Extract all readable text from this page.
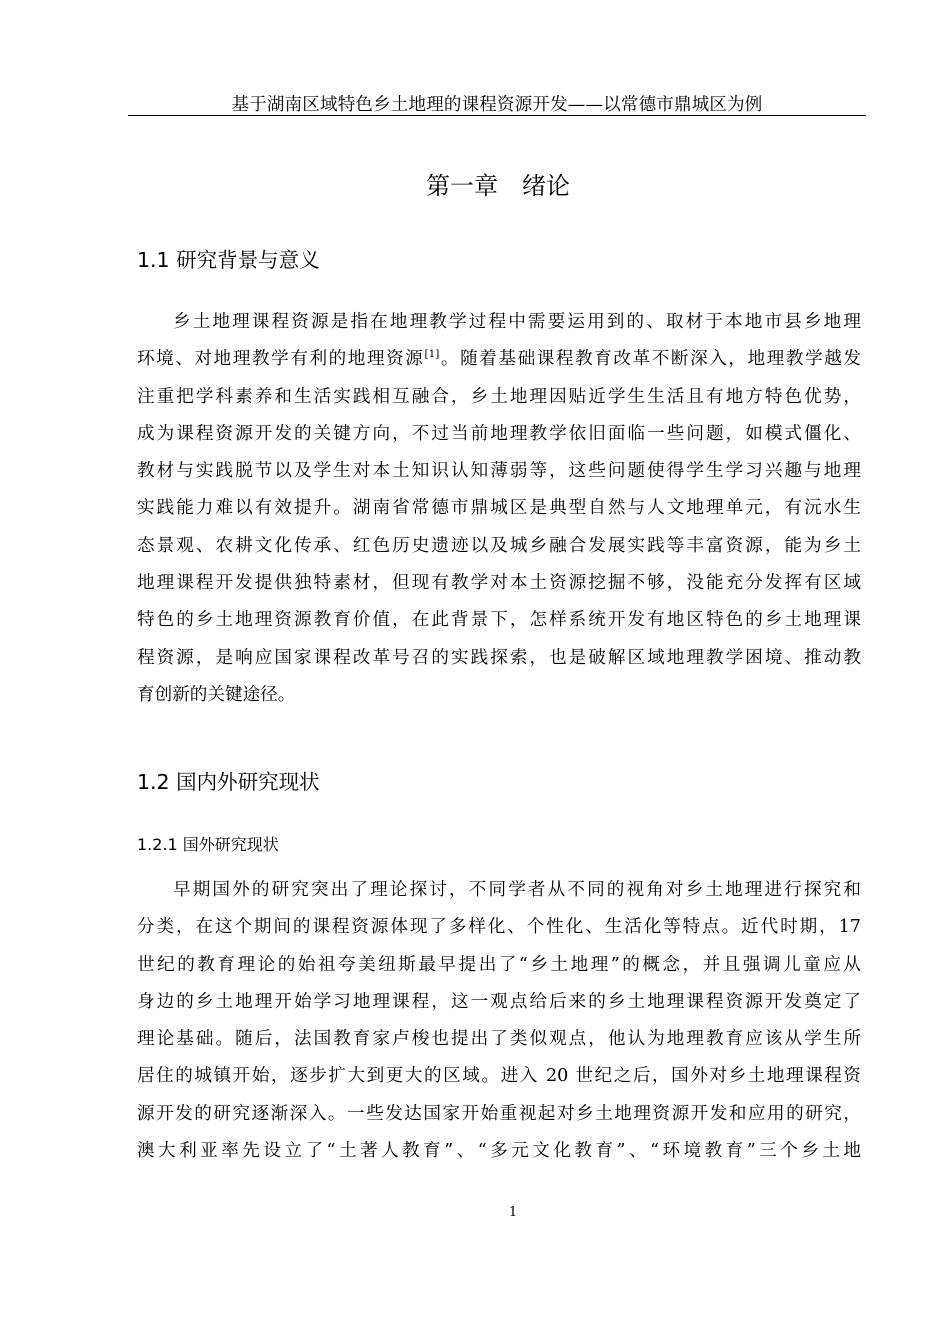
基于湖南区域特色乡土地理的课程资源开发——以常德市鼎城区为例
第一章　绪论
1.1 研究背景与意义
乡土地理课程资源是指在地理教学过程中需要运用到的、取材于本地市县乡地理
环境、对地理教学有利的地理资源[1]。随着基础课程教育改革不断深入，地理教学越发
注重把学科素养和生活实践相互融合，乡土地理因贴近学生生活且有地方特色优势，
成为课程资源开发的关键方向，不过当前地理教学依旧面临一些问题，如模式僵化、
教材与实践脱节以及学生对本土知识认知薄弱等，这些问题使得学生学习兴趣与地理
实践能力难以有效提升。湖南省常德市鼎城区是典型自然与人文地理单元，有沅水生
态景观、农耕文化传承、红色历史遗迹以及城乡融合发展实践等丰富资源，能为乡土
地理课程开发提供独特素材，但现有教学对本土资源挖掘不够，没能充分发挥有区域
特色的乡土地理资源教育价值，在此背景下，怎样系统开发有地区特色的乡土地理课
程资源，是响应国家课程改革号召的实践探索，也是破解区域地理教学困境、推动教
育创新的关键途径。
1.2 国内外研究现状
1.2.1 国外研究现状
早期国外的研究突出了理论探讨，不同学者从不同的视角对乡土地理进行探究和
分类，在这个期间的课程资源体现了多样化、个性化、生活化等特点。近代时期，17
世纪的教育理论的始祖夸美纽斯最早提出了“乡土地理”的概念，并且强调儿童应从
身边的乡土地理开始学习地理课程，这一观点给后来的乡土地理课程资源开发奠定了
理论基础。随后，法国教育家卢梭也提出了类似观点，他认为地理教育应该从学生所
居住的城镇开始，逐步扩大到更大的区域。进入 20 世纪之后，国外对乡土地理课程资
源开发的研究逐渐深入。一些发达国家开始重视起对乡土地理资源开发和应用的研究，
澳大利亚率先设立了“土著人教育”、“多元文化教育”、“环境教育”三个乡土地
1
